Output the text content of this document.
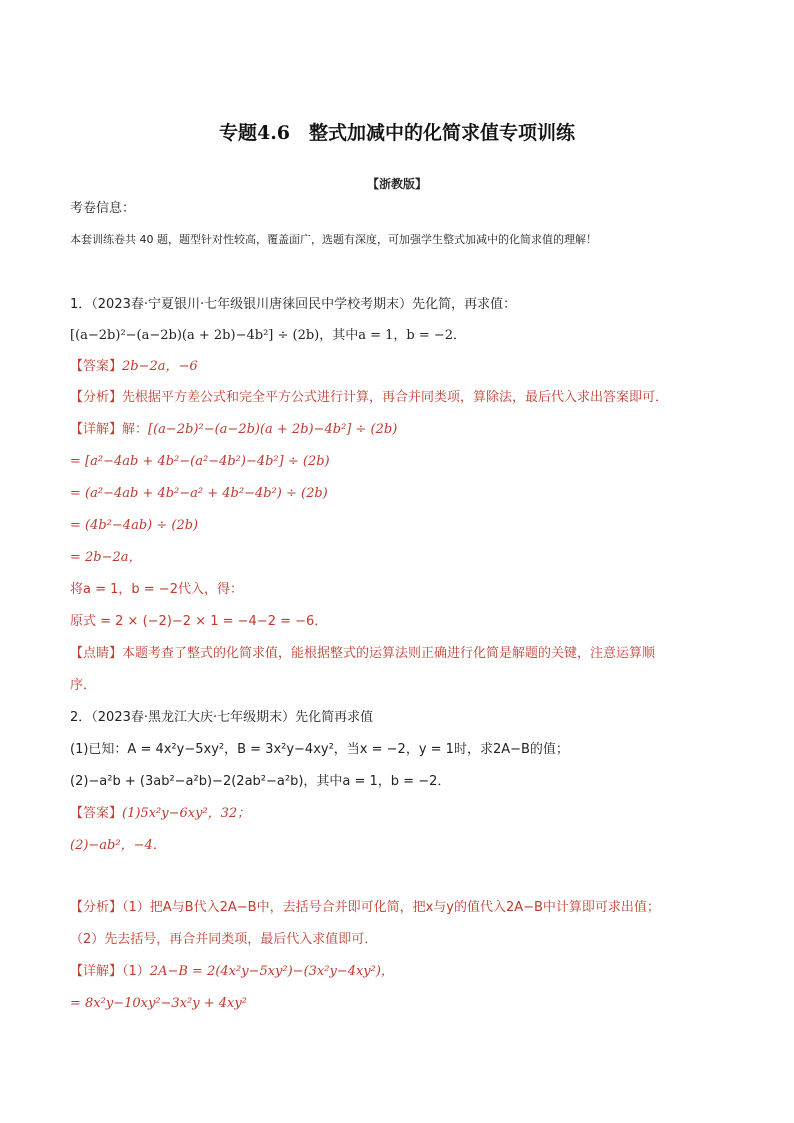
专题4.6　整式加减中的化简求值专项训练
【浙教版】
考卷信息：
本套训练卷共 40 题，题型针对性较高，覆盖面广，选题有深度，可加强学生整式加减中的化简求值的理解！
1．（2023春·宁夏银川·七年级银川唐徕回民中学校考期末）先化简，再求值：
[(a−2b)²−(a−2b)(a + 2b)−4b²] ÷ (2b)，其中a = 1，b = −2．
【答案】2b−2a，−6
【分析】先根据平方差公式和完全平方公式进行计算，再合并同类项，算除法，最后代入求出答案即可．
【详解】解：[(a−2b)²−(a−2b)(a + 2b)−4b²] ÷ (2b)
= [a²−4ab + 4b²−(a²−4b²)−4b²] ÷ (2b)
= (a²−4ab + 4b²−a² + 4b²−4b²) ÷ (2b)
= (4b²−4ab) ÷ (2b)
= 2b−2a，
将a = 1，b = −2代入，得：
原式 = 2 × (−2)−2 × 1 = −4−2 = −6．
【点睛】本题考查了整式的化简求值，能根据整式的运算法则正确进行化简是解题的关键，注意运算顺
序．
2．（2023春·黑龙江大庆·七年级期末）先化简再求值
(1)已知：A = 4x²y−5xy²，B = 3x²y−4xy²，当x = −2，y = 1时，求2A−B的值；
(2)−a²b + (3ab²−a²b)−2(2ab²−a²b)，其中a = 1，b = −2．
【答案】(1)5x²y−6xy²，32；
(2)−ab²，−4．
【分析】（1）把A与B代入2A−B中，去括号合并即可化简，把x与y的值代入2A−B中计算即可求出值；
（2）先去括号，再合并同类项，最后代入求值即可．
【详解】（1）2A−B = 2(4x²y−5xy²)−(3x²y−4xy²)，
= 8x²y−10xy²−3x²y + 4xy²
